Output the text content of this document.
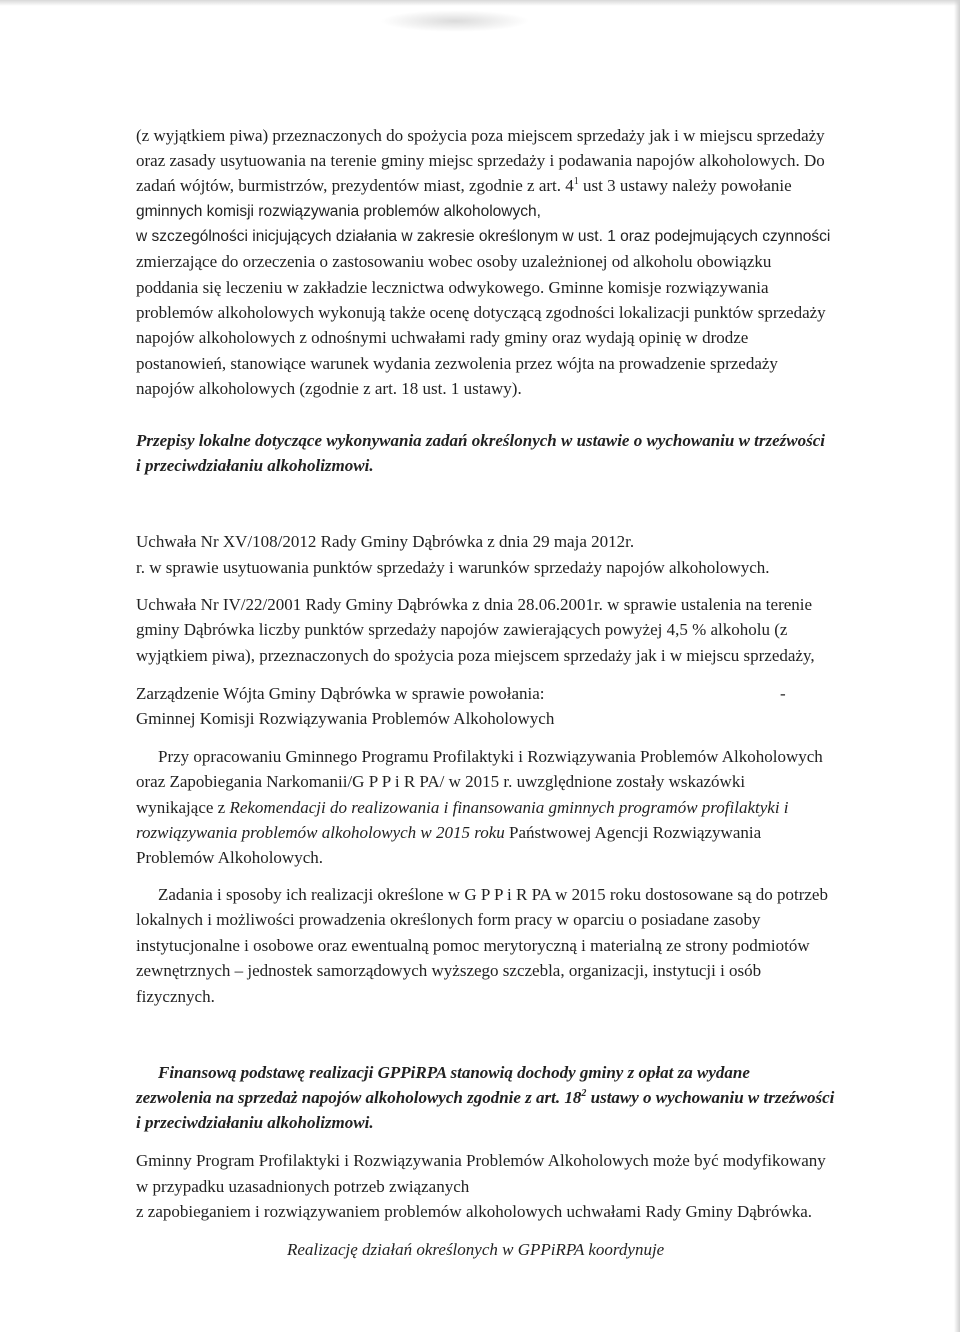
(z wyjątkiem piwa) przeznaczonych do spożycia poza miejscem sprzedaży jak i w miejscu sprzedaży
oraz zasady usytuowania na terenie gminy miejsc sprzedaży i podawania napojów alkoholowych. Do
zadań wójtów, burmistrzów, prezydentów miast, zgodnie z art. $4^1$ ust 3 ustawy należy powołanie
gminnych komisji rozwiązywania problemów alkoholowych,
w szczególności inicjujących działania w zakresie określonym w ust. 1 oraz podejmujących czynności
zmierzające do orzeczenia o zastosowaniu wobec osoby uzależnionej od alkoholu obowiązku
poddania się leczeniu w zakładzie lecznictwa odwykowego. Gminne komisje rozwiązywania
problemów alkoholowych wykonują także ocenę dotyczącą zgodności lokalizacji punktów sprzedaży
napojów alkoholowych z odnośnymi uchwałami rady gminy oraz wydają opinię w drodze
postanowień, stanowiące warunek wydania zezwolenia przez wójta na prowadzenie sprzedaży
napojów alkoholowych (zgodnie z art. 18 ust. 1 ustawy).
Przepisy lokalne dotyczące wykonywania zadań określonych w ustawie o wychowaniu w trzeźwości
i przeciwdziałaniu alkoholizmowi.
Uchwała Nr XV/108/2012 Rady Gminy Dąbrówka z dnia 29 maja 2012r.
r. w sprawie usytuowania punktów sprzedaży i warunków sprzedaży napojów alkoholowych.
Uchwała Nr IV/22/2001 Rady Gminy Dąbrówka z dnia 28.06.2001r. w sprawie ustalenia na terenie
gminy Dąbrówka liczby punktów sprzedaży napojów zawierających powyżej 4,5 % alkoholu (z
wyjątkiem piwa), przeznaczonych do spożycia poza miejscem sprzedaży jak i w miejscu sprzedaży,
Zarządzenie Wójta Gminy Dąbrówka w sprawie powołania:	-
Gminnej Komisji Rozwiązywania Problemów Alkoholowych
Przy opracowaniu Gminnego Programu Profilaktyki i Rozwiązywania Problemów Alkoholowych
oraz Zapobiegania Narkomanii/G P P i R PA/ w 2015 r. uwzględnione zostały wskazówki
wynikające z Rekomendacji do realizowania i finansowania gminnych programów profilaktyki i
rozwiązywania problemów alkoholowych w 2015 roku Państwowej Agencji Rozwiązywania
Problemów Alkoholowych.
Zadania i sposoby ich realizacji określone w G P P i R PA w 2015 roku dostosowane są do potrzeb
lokalnych i możliwości prowadzenia określonych form pracy w oparciu o posiadane zasoby
instytucjonalne i osobowe oraz ewentualną pomoc merytoryczną i materialną ze strony podmiotów
zewnętrznych – jednostek samorządowych wyższego szczebla, organizacji, instytucji i osób
fizycznych.
Finansową podstawę realizacji GPPiRPA stanowią dochody gminy z opłat za wydane
zezwolenia na sprzedaż napojów alkoholowych zgodnie z art. $18^2$ ustawy o wychowaniu w trzeźwości
i przeciwdziałaniu alkoholizmowi.
Gminny Program Profilaktyki i Rozwiązywania Problemów Alkoholowych może być modyfikowany
w przypadku uzasadnionych potrzeb związanych
z zapobieganiem i rozwiązywaniem problemów alkoholowych uchwałami Rady Gminy Dąbrówka.
Realizację działań określonych w GPPiRPA koordynuje
